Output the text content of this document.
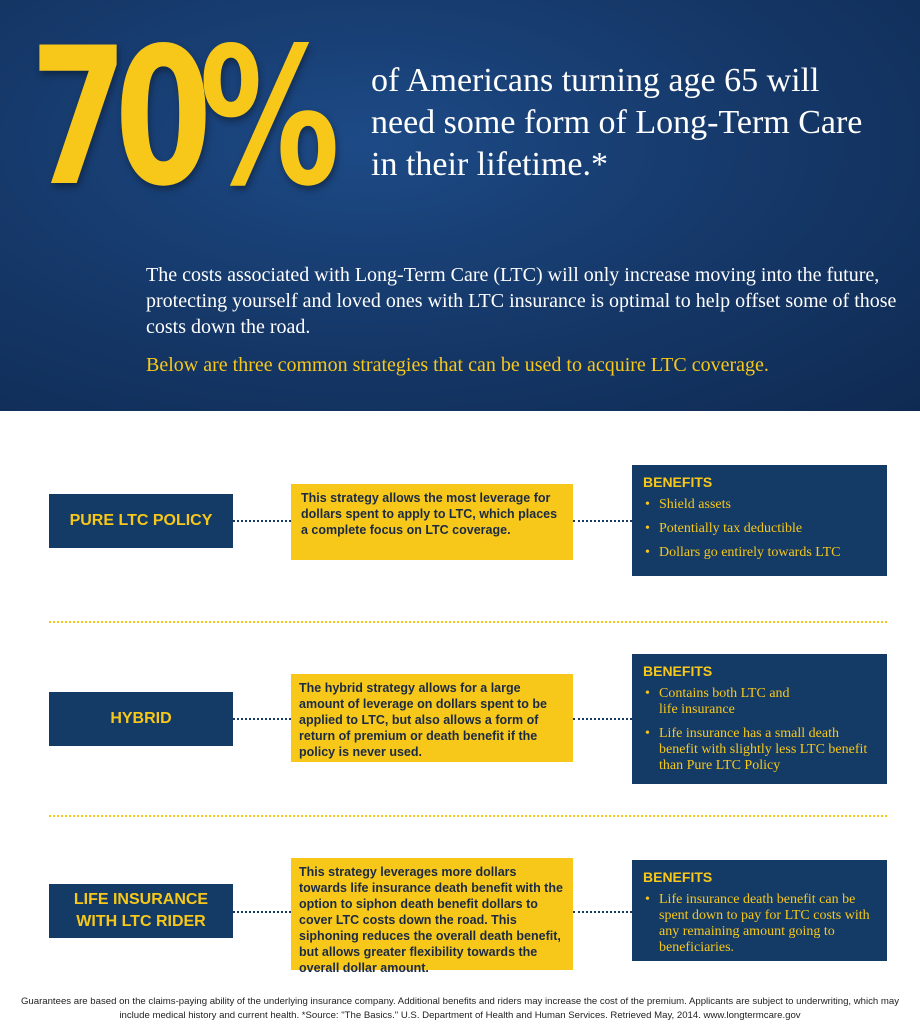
70% of Americans turning age 65 will
need some form of Long-Term Care
in their lifetime.*
The costs associated with Long-Term Care (LTC) will only increase moving into the future, protecting yourself and loved ones with LTC insurance is optimal to help offset some of those costs down the road.
Below are three common strategies that can be used to acquire LTC coverage.
PURE LTC POLICY
This strategy allows the most leverage for dollars spent to apply to LTC, which places a complete focus on LTC coverage.
BENEFITS
• Shield assets
• Potentially tax deductible
• Dollars go entirely towards LTC
HYBRID
The hybrid strategy allows for a large amount of leverage on dollars spent to be applied to LTC, but also allows a form of return of premium or death benefit if the policy is never used.
BENEFITS
• Contains both LTC and life insurance
• Life insurance has a small death benefit with slightly less LTC benefit than Pure LTC Policy
LIFE INSURANCE WITH LTC RIDER
This strategy leverages more dollars towards life insurance death benefit with the option to siphon death benefit dollars to cover LTC costs down the road. This siphoning reduces the overall death benefit, but allows greater flexibility towards the overall dollar amount.
BENEFITS
• Life insurance death benefit can be spent down to pay for LTC costs with any remaining amount going to beneficiaries.
Guarantees are based on the claims-paying ability of the underlying insurance company. Additional benefits and riders may increase the cost of the premium. Applicants are subject to underwriting, which may include medical history and current health. *Source: "The Basics." U.S. Department of Health and Human Services. Retrieved May, 2014. www.longtermcare.gov
